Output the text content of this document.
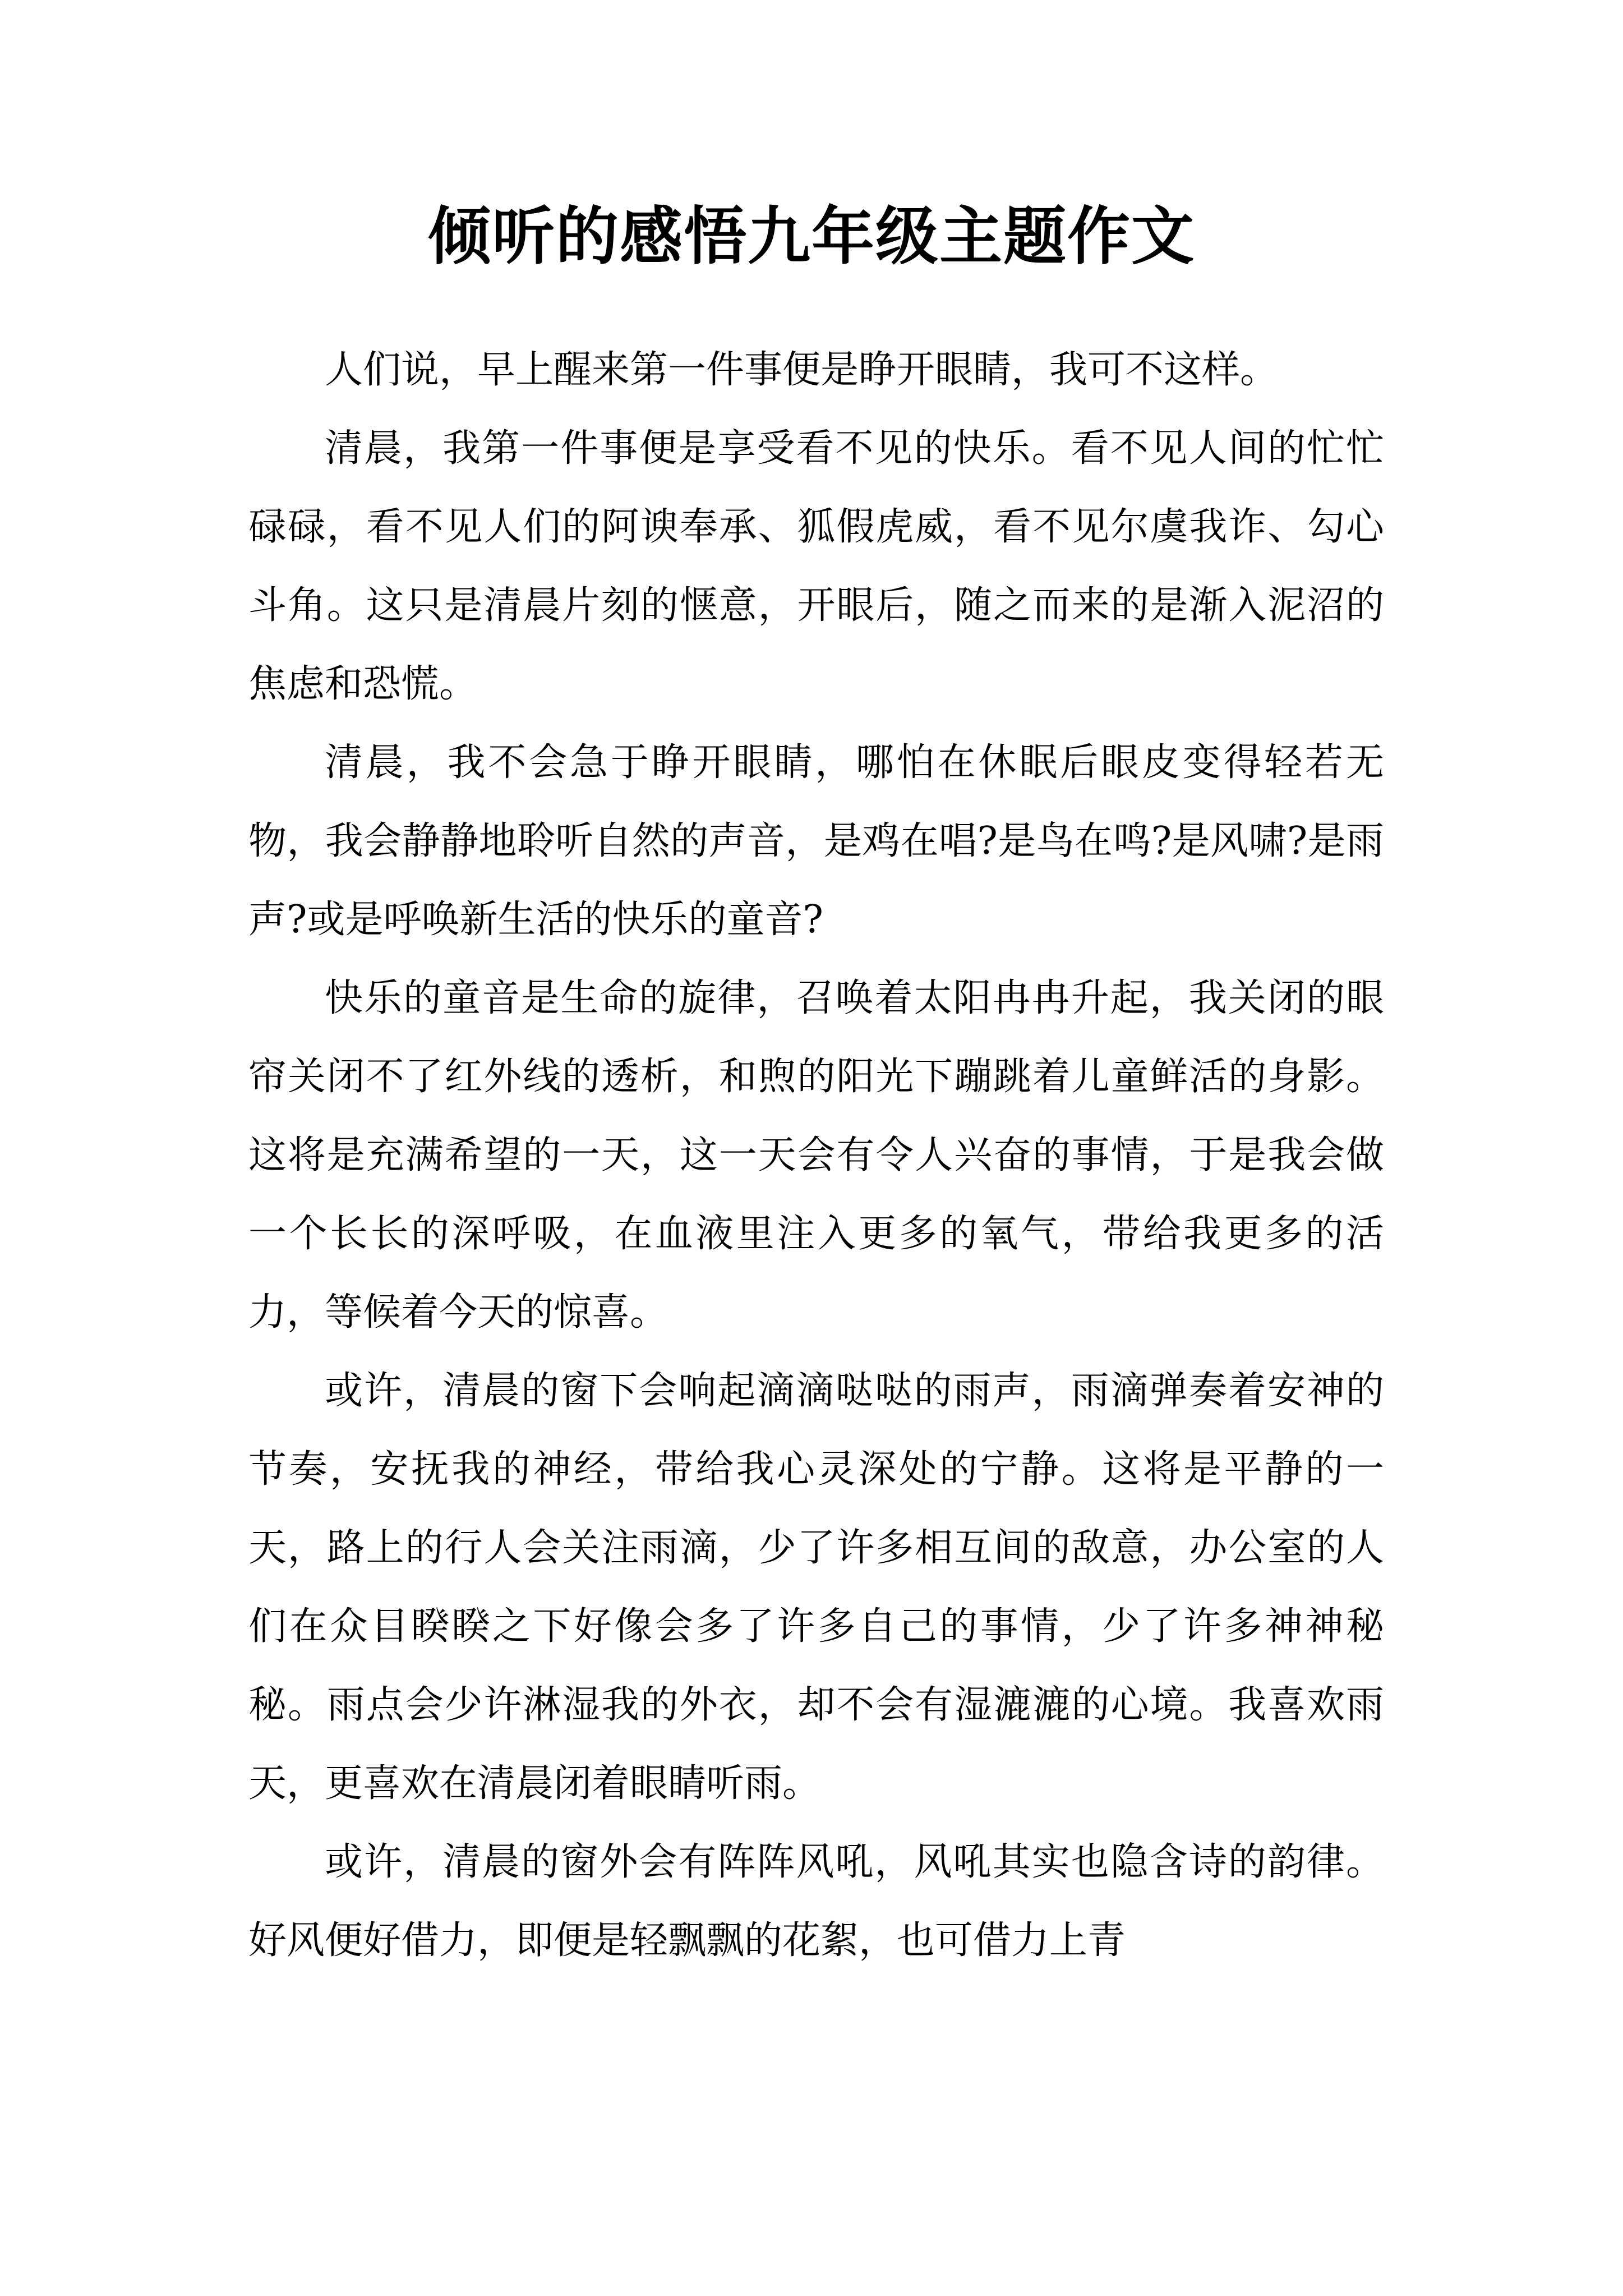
倾听的感悟九年级主题作文

人们说，早上醒来第一件事便是睁开眼睛，我可不这样。

清晨，我第一件事便是享受看不见的快乐。看不见人间的忙忙碌碌，看不见人们的阿谀奉承、狐假虎威，看不见尔虞我诈、勾心斗角。这只是清晨片刻的惬意，开眼后，随之而来的是渐入泥沼的焦虑和恐慌。

清晨，我不会急于睁开眼睛，哪怕在休眠后眼皮变得轻若无物，我会静静地聆听自然的声音，是鸡在唱?是鸟在鸣?是风啸?是雨声?或是呼唤新生活的快乐的童音?

快乐的童音是生命的旋律，召唤着太阳冉冉升起，我关闭的眼帘关闭不了红外线的透析，和煦的阳光下蹦跳着儿童鲜活的身影。这将是充满希望的一天，这一天会有令人兴奋的事情，于是我会做一个长长的深呼吸，在血液里注入更多的氧气，带给我更多的活力，等候着今天的惊喜。

或许，清晨的窗下会响起滴滴哒哒的雨声，雨滴弹奏着安神的节奏，安抚我的神经，带给我心灵深处的宁静。这将是平静的一天，路上的行人会关注雨滴，少了许多相互间的敌意，办公室的人们在众目睽睽之下好像会多了许多自己的事情，少了许多神神秘秘。雨点会少许淋湿我的外衣，却不会有湿漉漉的心境。我喜欢雨天，更喜欢在清晨闭着眼睛听雨。

或许，清晨的窗外会有阵阵风吼，风吼其实也隐含诗的韵律。好风便好借力，即便是轻飘飘的花絮，也可借力上青
